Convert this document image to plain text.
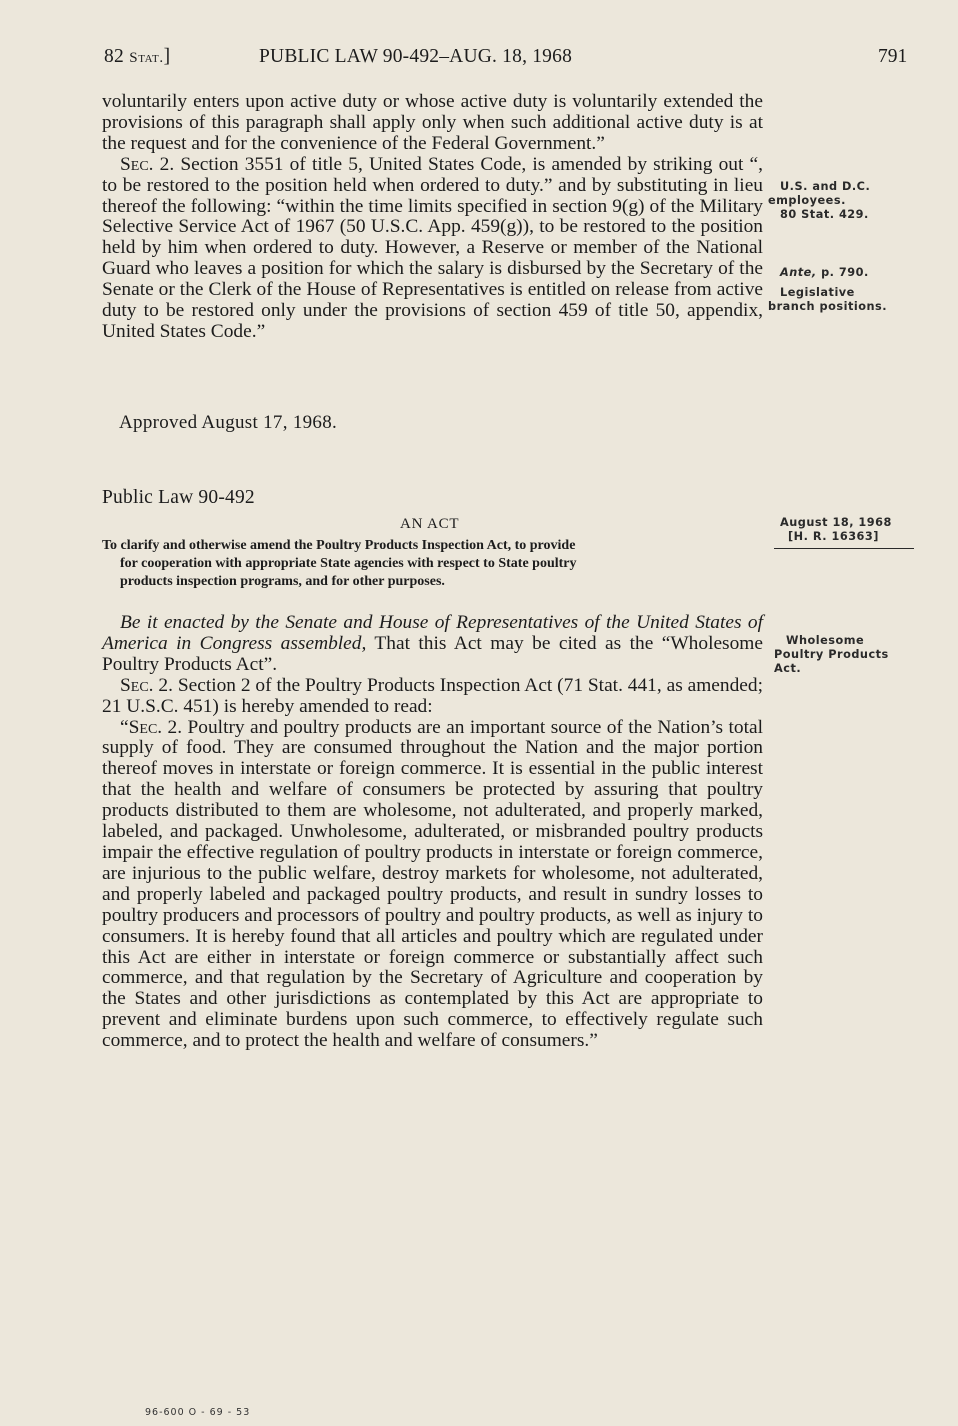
82 Stat.]	PUBLIC LAW 90-492–AUG. 18, 1968	791

voluntarily enters upon active duty or whose active duty is voluntarily extended the provisions of this paragraph shall apply only when such additional active duty is at the request and for the convenience of the Federal Government.”

Sec. 2. Section 3551 of title 5, United States Code, is amended by striking out “, to be restored to the position held when ordered to duty.” and by substituting in lieu thereof the following: “within the time limits specified in section 9(g) of the Military Selective Service Act of 1967 (50 U.S.C. App. 459(g)), to be restored to the position held by him when ordered to duty. However, a Reserve or member of the National Guard who leaves a position for which the salary is disbursed by the Secretary of the Senate or the Clerk of the House of Representatives is entitled on release from active duty to be restored only under the provisions of section 459 of title 50, appendix, United States Code.”

Approved August 17, 1968.
Public Law 90-492
AN ACT

To clarify and otherwise amend the Poultry Products Inspection Act, to provide

for cooperation with appropriate State agencies with respect to State poultry

products inspection programs, and for other purposes.

Be it enacted by the Senate and House of Representatives of the United States of America in Congress assembled, That this Act may be cited as the “Wholesome Poultry Products Act”.

Sec. 2. Section 2 of the Poultry Products Inspection Act (71 Stat. 441, as amended; 21 U.S.C. 451) is hereby amended to read:

“Sec. 2. Poultry and poultry products are an important source of the Nation’s total supply of food. They are consumed throughout the Nation and the major portion thereof moves in interstate or foreign commerce. It is essential in the public interest that the health and welfare of consumers be protected by assuring that poultry products distributed to them are wholesome, not adulterated, and properly marked, labeled, and packaged. Unwholesome, adulterated, or misbranded poultry products impair the effective regulation of poultry products in interstate or foreign commerce, are injurious to the public welfare, destroy markets for wholesome, not adulterated, and properly labeled and packaged poultry products, and result in sundry losses to poultry producers and processors of poultry and poultry products, as well as injury to consumers. It is hereby found that all articles and poultry which are regulated under this Act are either in interstate or foreign commerce or substantially affect such commerce, and that regulation by the Secretary of Agriculture and cooperation by the States and other jurisdictions as contemplated by this Act are appropriate to prevent and eliminate burdens upon such commerce, to effectively regulate such commerce, and to protect the health and welfare of consumers.”

U.S. and D.C.
employees.
80 Stat. 429.
Ante, p. 790.
Legislative
branch positions.
August 18, 1968
[H. R. 16363]
Wholesome
Poultry Products
Act.
96-600 O - 69 - 53
